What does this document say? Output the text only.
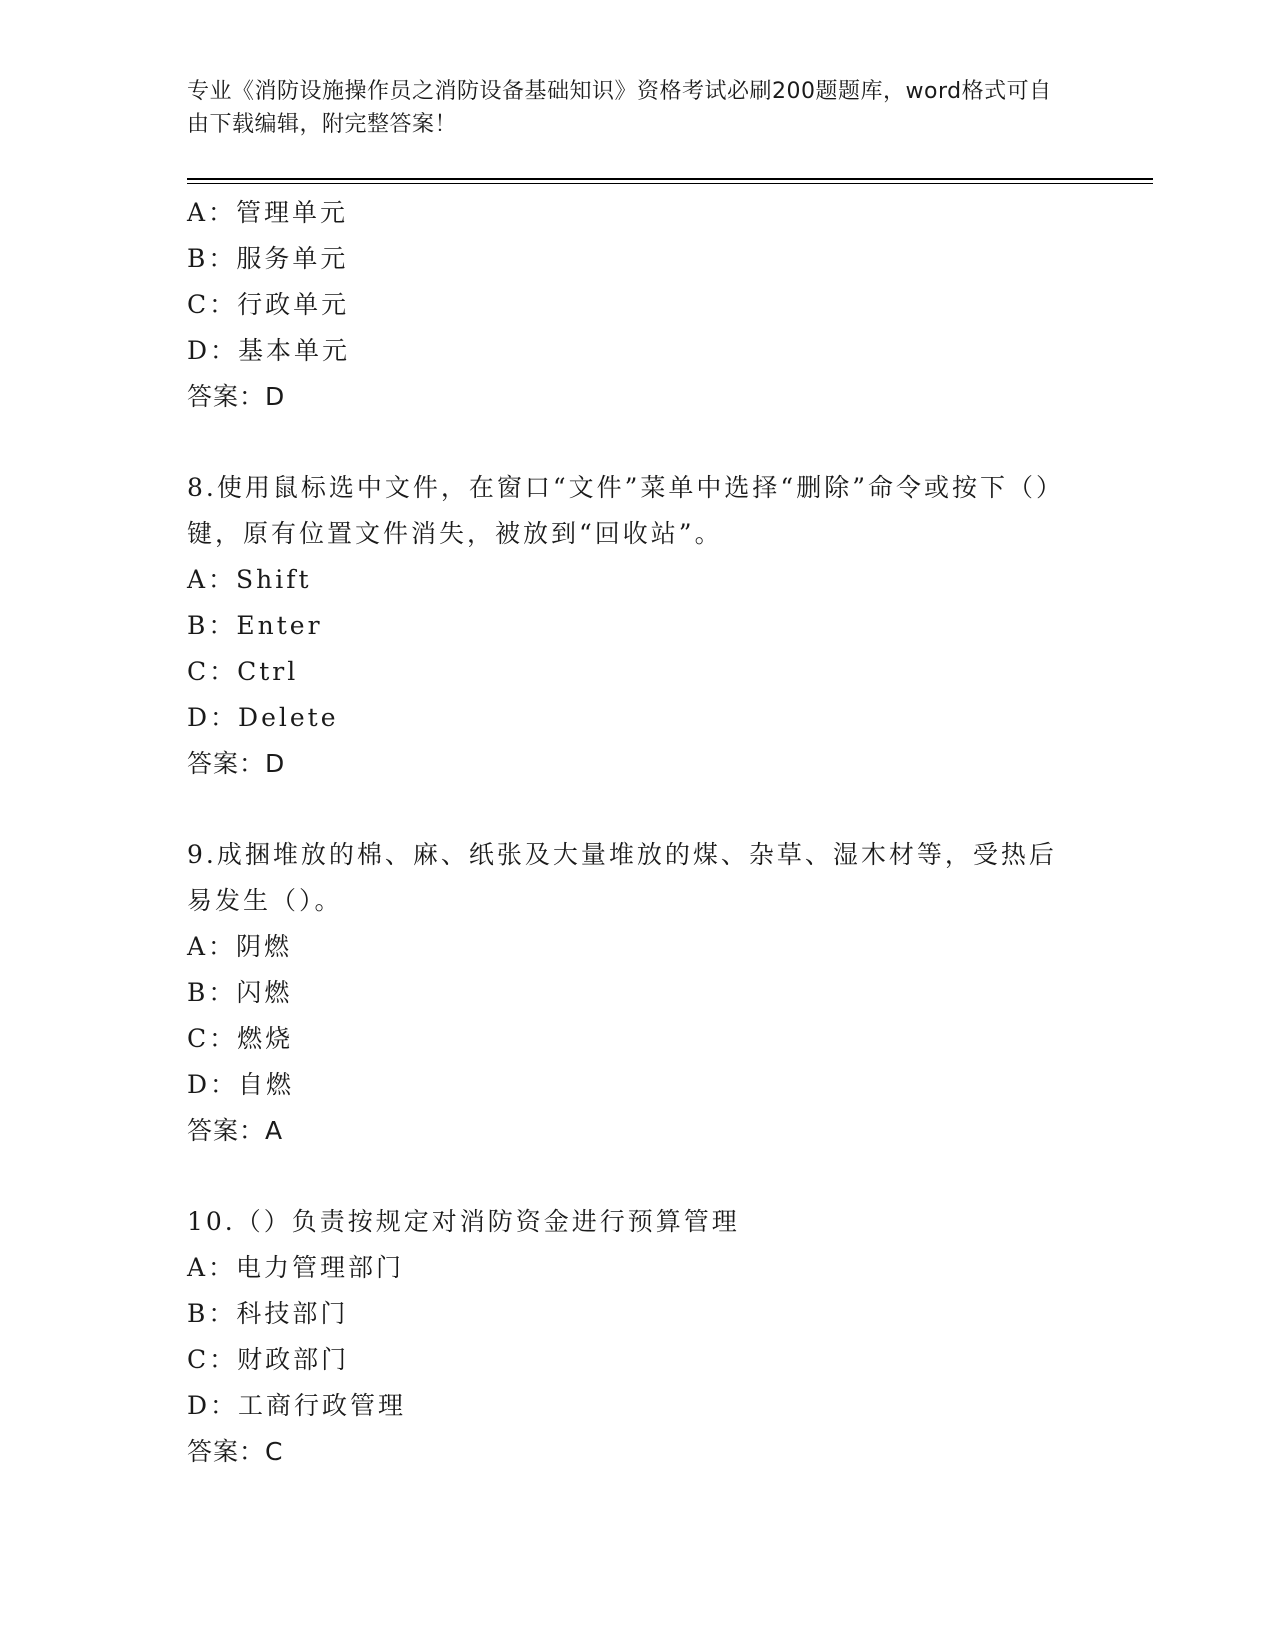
专业《消防设施操作员之消防设备基础知识》资格考试必刷200题题库，word格式可自由下载编辑，附完整答案！
A：管理单元
B：服务单元
C：行政单元
D：基本单元
答案：D
8.使用鼠标选中文件，在窗口“文件”菜单中选择“删除”命令或按下（）键，原有位置文件消失，被放到“回收站”。
A：Shift
B：Enter
C：Ctrl
D：Delete
答案：D
9.成捆堆放的棉、麻、纸张及大量堆放的煤、杂草、湿木材等，受热后易发生（）。
A：阴燃
B：闪燃
C：燃烧
D：自燃
答案：A
10.（）负责按规定对消防资金进行预算管理
A：电力管理部门
B：科技部门
C：财政部门
D：工商行政管理
答案：C
